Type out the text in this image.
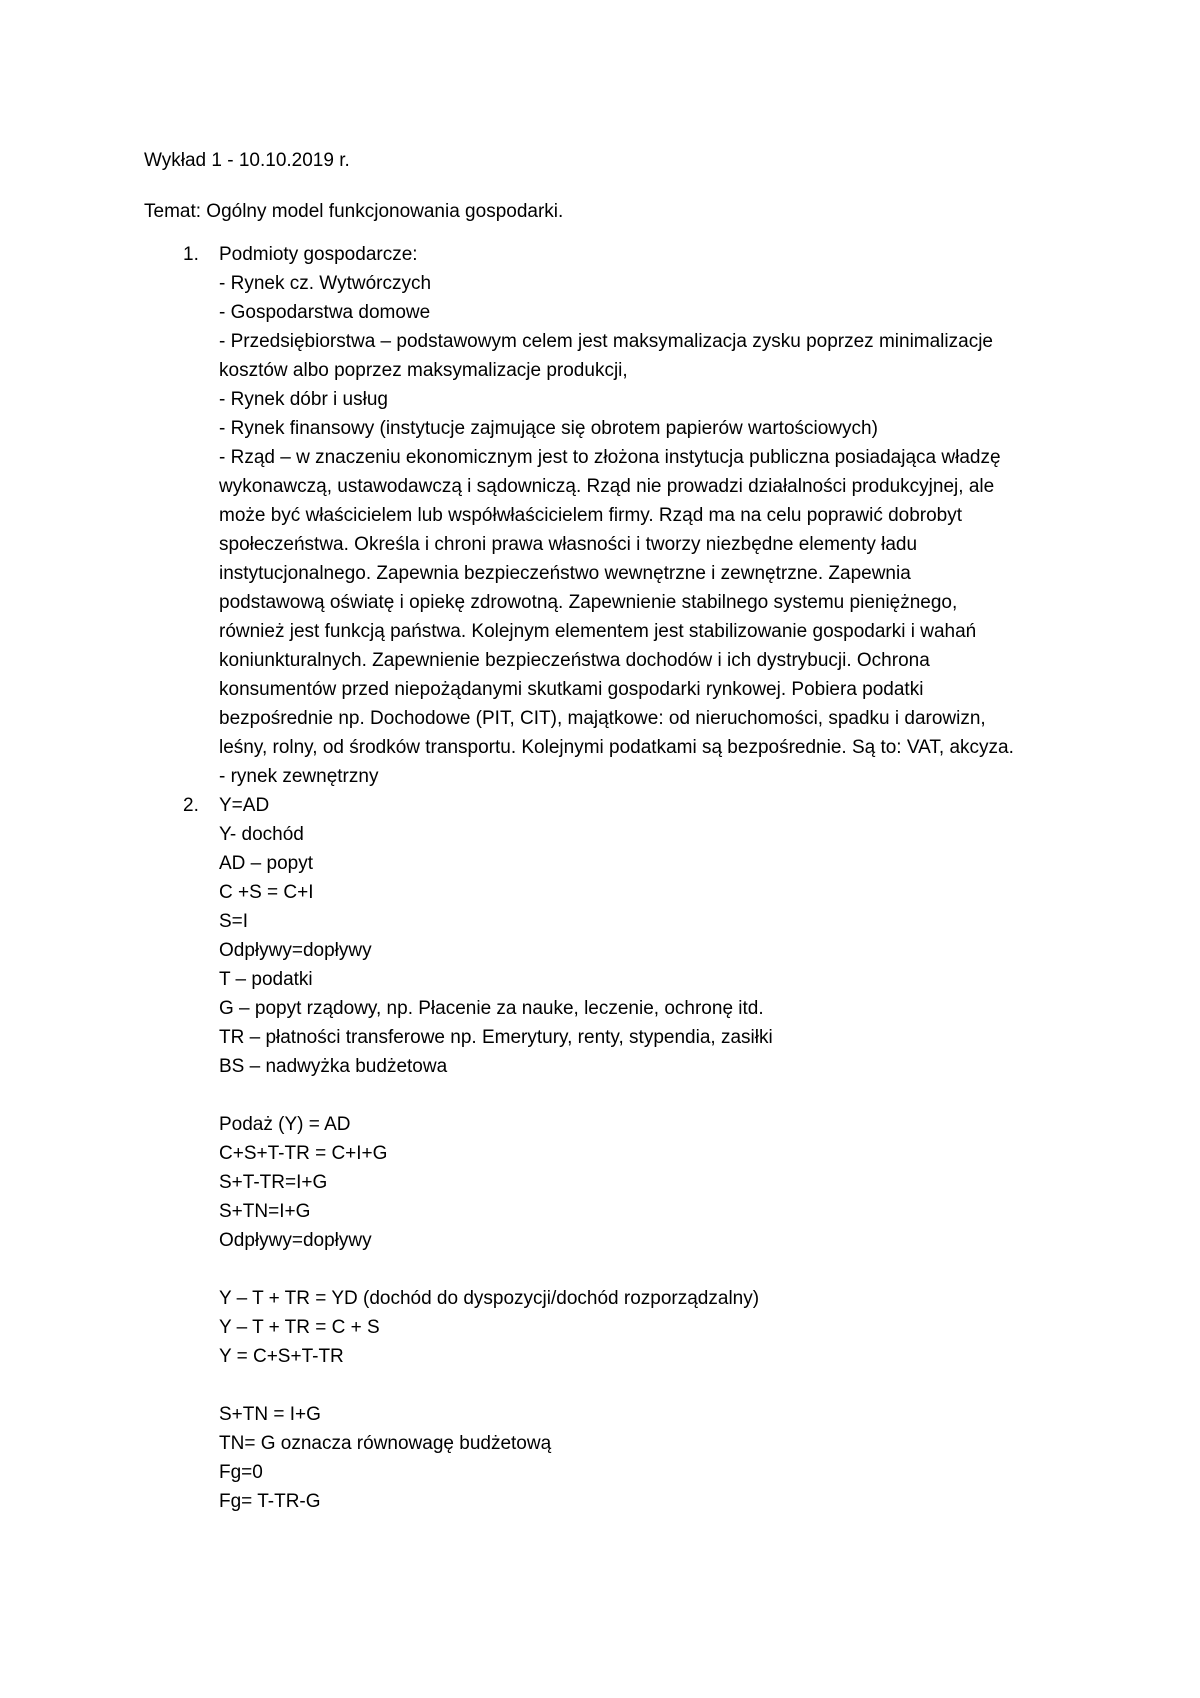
Wykład 1 - 10.10.2019 r.
Temat: Ogólny model funkcjonowania gospodarki.
1.	Podmioty gospodarcze:
- Rynek cz. Wytwórczych
- Gospodarstwa domowe
- Przedsiębiorstwa – podstawowym celem jest maksymalizacja zysku poprzez minimalizacje
kosztów albo poprzez maksymalizacje produkcji,
- Rynek dóbr i usług
- Rynek finansowy (instytucje zajmujące się obrotem papierów wartościowych)
- Rząd – w znaczeniu ekonomicznym jest to złożona instytucja publiczna posiadająca władzę
wykonawczą, ustawodawczą i sądowniczą. Rząd nie prowadzi działalności produkcyjnej, ale
może być właścicielem lub współwłaścicielem firmy. Rząd ma na celu poprawić dobrobyt
społeczeństwa. Określa i chroni prawa własności i tworzy niezbędne elementy ładu
instytucjonalnego. Zapewnia bezpieczeństwo wewnętrzne i zewnętrzne. Zapewnia
podstawową oświatę i opiekę zdrowotną. Zapewnienie stabilnego systemu pieniężnego,
również jest funkcją państwa. Kolejnym elementem jest stabilizowanie gospodarki i wahań
koniunkturalnych. Zapewnienie bezpieczeństwa dochodów i ich dystrybucji. Ochrona
konsumentów przed niepożądanymi skutkami gospodarki rynkowej. Pobiera podatki
bezpośrednie np. Dochodowe (PIT, CIT), majątkowe: od nieruchomości, spadku i darowizn,
leśny, rolny, od środków transportu. Kolejnymi podatkami są bezpośrednie. Są to: VAT, akcyza.
- rynek zewnętrzny
2.	Y=AD
Y- dochód
AD – popyt
C +S = C+I
S=I
Odpływy=dopływy
T – podatki
G – popyt rządowy, np. Płacenie za nauke, leczenie, ochronę itd.
TR – płatności transferowe np. Emerytury, renty, stypendia, zasiłki
BS – nadwyżka budżetowa
Podaż (Y) = AD
C+S+T-TR = C+I+G
S+T-TR=I+G
S+TN=I+G
Odpływy=dopływy
Y – T + TR = YD (dochód do dyspozycji/dochód rozporządzalny)
Y – T + TR = C + S
Y = C+S+T-TR
S+TN = I+G
TN= G oznacza równowagę budżetową
Fg=0
Fg= T-TR-G
